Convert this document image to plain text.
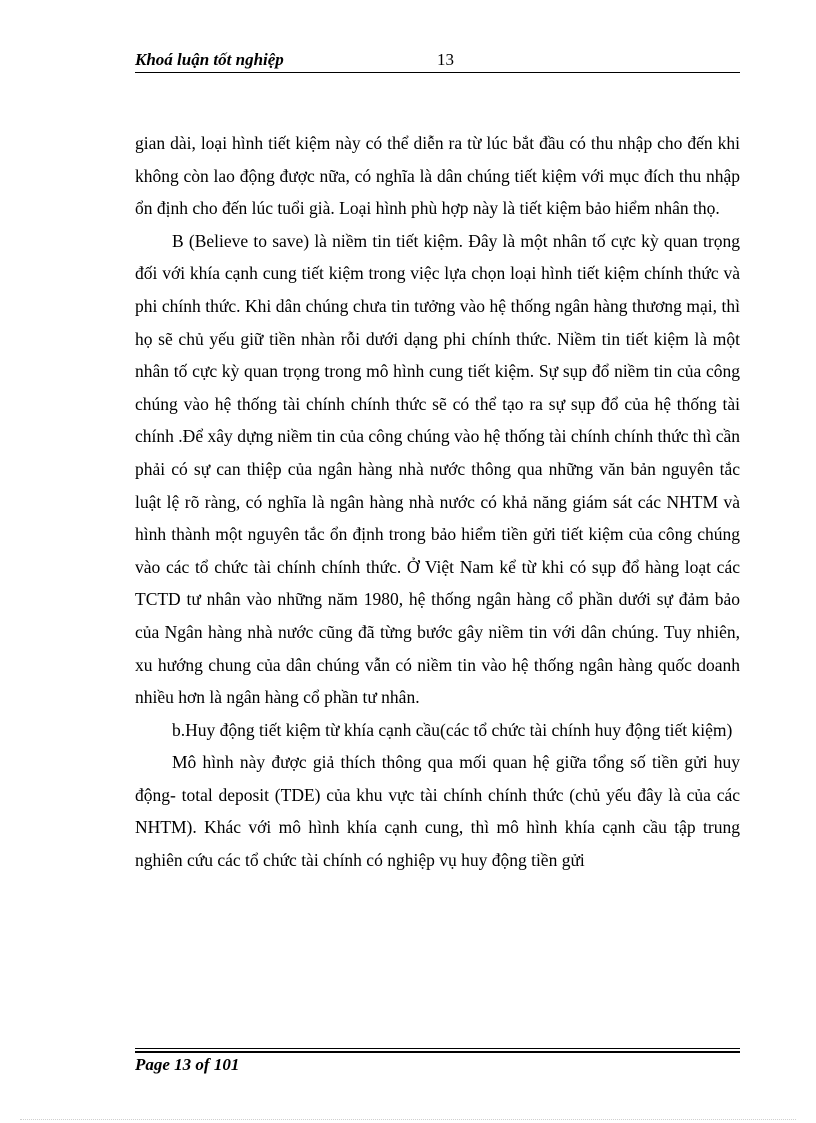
Khoá luận tốt nghiệp	13

gian dài, loại hình tiết kiệm này có thể diễn ra từ lúc bắt đầu có thu nhập cho đến khi không còn lao động được nữa, có nghĩa là dân chúng tiết kiệm với mục đích thu nhập ổn định cho đến lúc tuổi già. Loại hình phù hợp này là tiết kiệm bảo hiểm nhân thọ.

B (Believe to save) là niềm tin tiết kiệm. Đây là một nhân tố cực kỳ quan trọng đối với khía cạnh cung tiết kiệm trong việc lựa chọn loại hình tiết kiệm chính thức và phi chính thức. Khi dân chúng chưa tin tưởng vào hệ thống ngân hàng thương mại, thì họ sẽ chủ yếu giữ tiền nhàn rỗi dưới dạng phi chính thức. Niềm tin tiết kiệm là một nhân tố cực kỳ quan trọng trong mô hình cung tiết kiệm. Sự sụp đổ niềm tin của công chúng vào hệ thống tài chính chính thức sẽ có thể tạo ra sự sụp đổ của hệ thống tài chính .Để xây dựng niềm tin của công chúng vào hệ thống tài chính chính thức thì cần phải có sự can thiệp của ngân hàng nhà nước thông qua những văn bản nguyên tắc luật lệ rõ ràng, có nghĩa là ngân hàng nhà nước có khả năng giám sát các NHTM và hình thành một nguyên tắc ổn định trong bảo hiểm tiền gửi tiết kiệm của công chúng vào các tổ chức tài chính chính thức. Ở Việt Nam kể từ khi có sụp đổ hàng loạt các TCTD tư nhân vào những năm 1980, hệ thống ngân hàng cổ phần dưới sự đảm bảo của Ngân hàng nhà nước cũng đã từng bước gây niềm tin với dân chúng. Tuy nhiên, xu hướng chung của dân chúng vẫn có niềm tin vào hệ thống ngân hàng quốc doanh nhiều hơn là ngân hàng cổ phần tư nhân.

b.Huy động tiết kiệm từ khía cạnh cầu(các tổ chức tài chính huy động tiết kiệm)

Mô hình này được giả thích thông qua mối quan hệ giữa tổng số tiền gửi huy động- total deposit (TDE) của khu vực tài chính chính thức (chủ yếu đây là của các NHTM). Khác với mô hình khía cạnh cung, thì mô hình khía cạnh cầu tập trung nghiên cứu các tổ chức tài chính có nghiệp vụ huy động tiền gửi

Page 13 of 101
